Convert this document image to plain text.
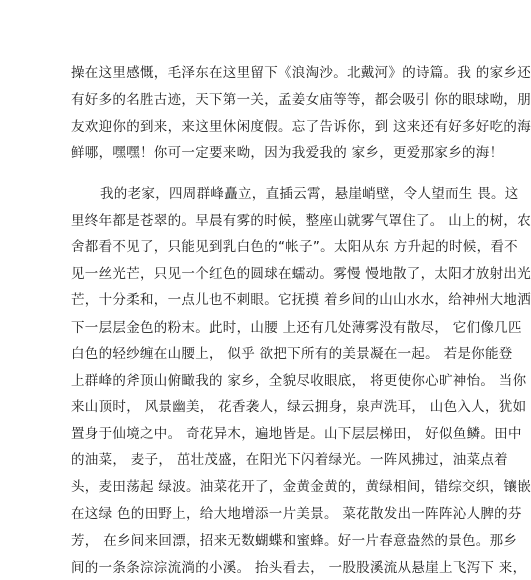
操在这里感慨，毛泽东在这里留下《浪淘沙。北戴河》的诗篇。我 的家乡还
有好多的名胜古迹，天下第一关，孟姜女庙等等，都会吸引 你的眼球呦，朋
友欢迎你的到来，来这里休闲度假。忘了告诉你，到 这来还有好多好吃的海
鲜哪，嘿嘿！你可一定要来呦，因为我爱我的 家乡，更爱那家乡的海！
我的老家，四周群峰矗立，直插云霄，悬崖峭壁，令人望而生 畏。这
里终年都是苍翠的。早晨有雾的时候，整座山就雾气罩住了。 山上的树，农
舍都看不见了，只能见到乳白色的“帐子”。太阳从东 方升起的时候，看不
见一丝光芒，只见一个红色的圆球在蠕动。雾慢 慢地散了，太阳才放射出光
芒，十分柔和，一点儿也不刺眼。它抚摸 着乡间的山山水水，给神州大地洒
下一层层金色的粉末。此时，山腰 上还有几处薄雾没有散尽， 它们像几匹
白色的轻纱缠在山腰上， 似乎 欲把下所有的美景凝在一起。 若是你能登
上群峰的斧顶山俯瞰我的 家乡，全貌尽收眼底， 将更使你心旷神怡。 当你
来山顶时， 风景幽美， 花香袭人，绿云拥身，泉声洗耳， 山色入人，犹如
置身于仙境之中。 奇花异木，遍地皆是。山下层层梯田， 好似鱼鳞。田中
的油菜， 麦子， 茁壮茂盛，在阳光下闪着绿光。一阵风拂过，油菜点着
头，麦田荡起 绿波。油菜花开了，金黄金黄的，黄绿相间，错综交织，镶嵌
在这绿 色的田野上，给大地增添一片美景。 菜花散发出一阵阵沁人脾的芬
芳， 在乡间来回漂，招来无数蝴蝶和蜜蜂。好一片春意盎然的景色。那乡
间的一条条淙淙流淌的小溪。 抬头看去， 一股股溪流从悬崖上飞泻下 来，
